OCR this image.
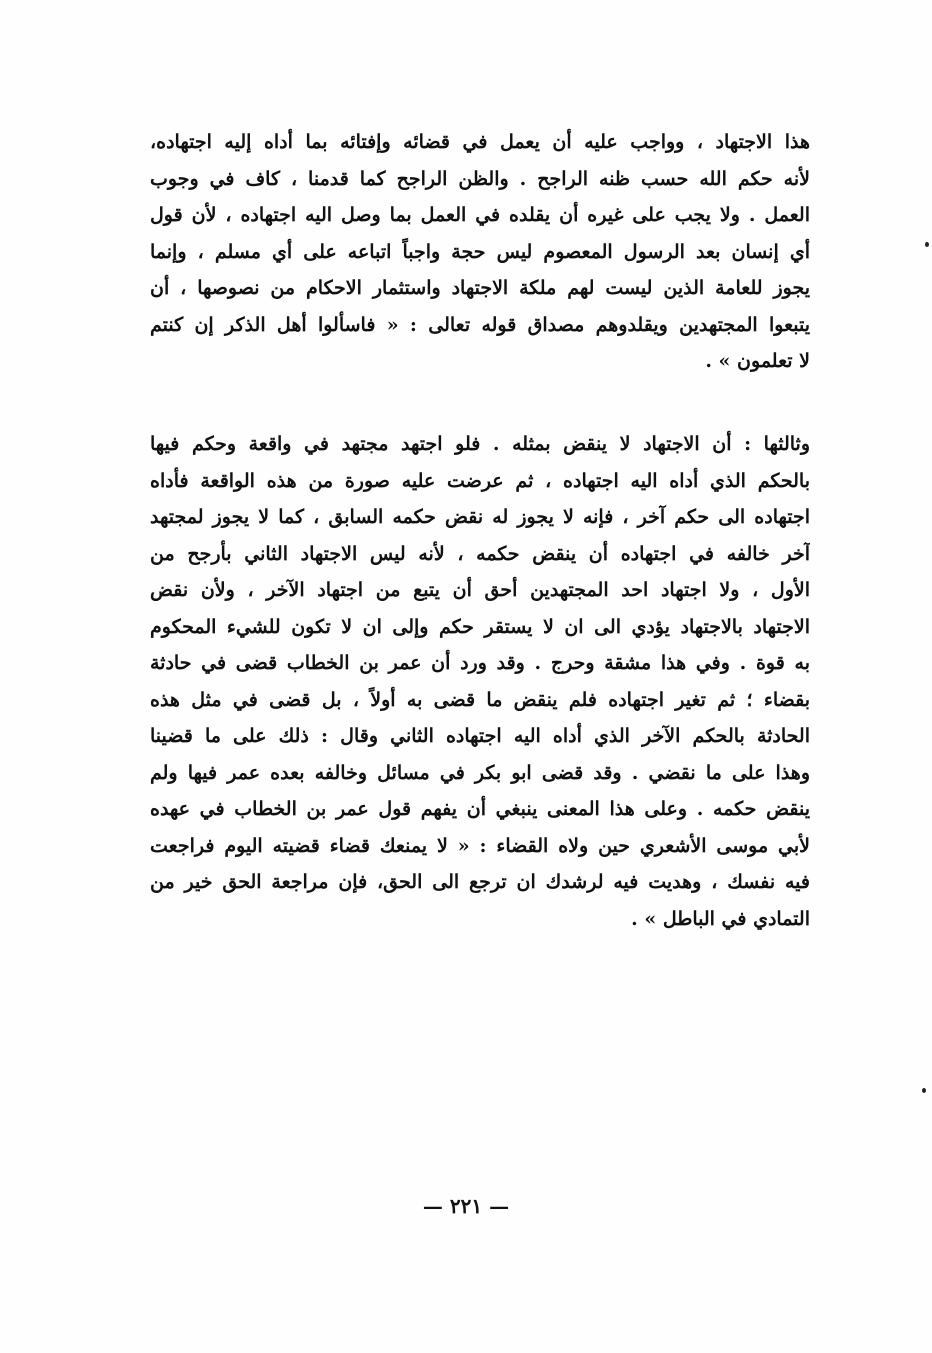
هذا الاجتهاد ، وواجب عليه أن يعمل في قضائه وإفتائه بما أداه إليه اجتهاده،
لأنه حكم الله حسب ظنه الراجح . والظن الراجح كما قدمنا ، كاف في وجوب
العمل . ولا يجب على غيره أن يقلده في العمل بما وصل اليه اجتهاده ، لأن قول
أي إنسان بعد الرسول المعصوم ليس حجة واجباً اتباعه على أي مسلم ، وإنما
يجوز للعامة الذين ليست لهم ملكة الاجتهاد واستثمار الاحكام من نصوصها ، أن
يتبعوا المجتهدين ويقلدوهم مصداق قوله تعالى : « فاسألوا أهل الذكر إن كنتم
لا تعلمون » .
وثالثها : أن الاجتهاد لا ينقض بمثله . فلو اجتهد مجتهد في واقعة وحكم فيها
بالحكم الذي أداه اليه اجتهاده ، ثم عرضت عليه صورة من هذه الواقعة فأداه
اجتهاده الى حكم آخر ، فإنه لا يجوز له نقض حكمه السابق ، كما لا يجوز لمجتهد
آخر خالفه في اجتهاده أن ينقض حكمه ، لأنه ليس الاجتهاد الثاني بأرجح من
الأول ، ولا اجتهاد احد المجتهدين أحق أن يتبع من اجتهاد الآخر ، ولأن نقض
الاجتهاد بالاجتهاد يؤدي الى ان لا يستقر حكم وإلى ان لا تكون للشيء المحكوم
به قوة . وفي هذا مشقة وحرج . وقد ورد أن عمر بن الخطاب قضى في حادثة
بقضاء ؛ ثم تغير اجتهاده فلم ينقض ما قضى به أولاً ، بل قضى في مثل هذه
الحادثة بالحكم الآخر الذي أداه اليه اجتهاده الثاني وقال : ذلك على ما قضينا
وهذا على ما نقضي . وقد قضى ابو بكر في مسائل وخالفه بعده عمر فيها ولم
ينقض حكمه . وعلى هذا المعنى ينبغي أن يفهم قول عمر بن الخطاب في عهده
لأبي موسى الأشعري حين ولاه القضاء : « لا يمنعك قضاء قضيته اليوم فراجعت
فيه نفسك ، وهديت فيه لرشدك ان ترجع الى الحق، فإن مراجعة الحق خير من
التمادي في الباطل » .
— ٢٢١ —
